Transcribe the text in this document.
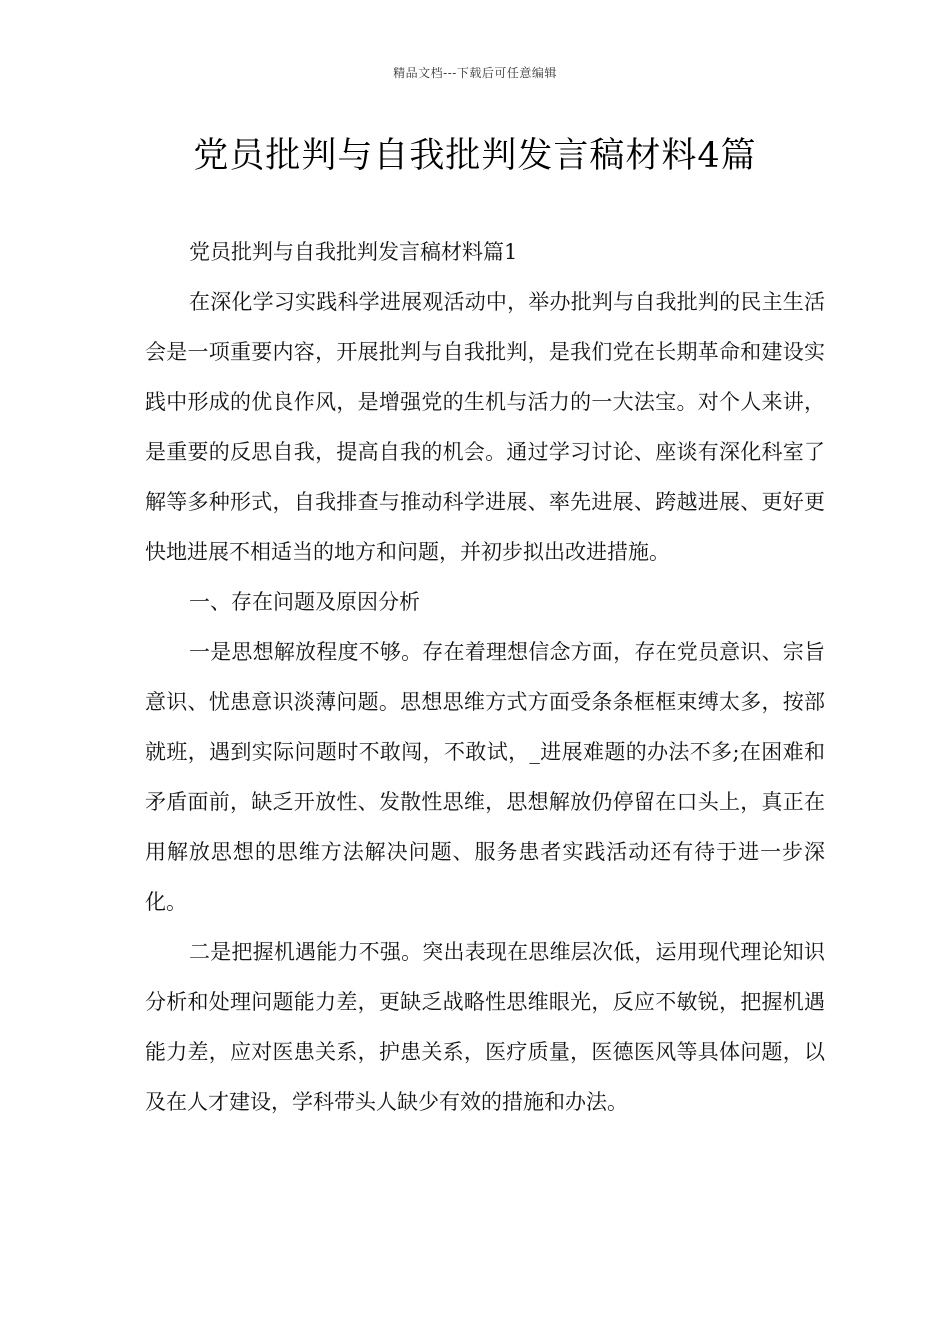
精品文档---下载后可任意编辑
党员批判与自我批判发言稿材料4篇

党员批判与自我批判发言稿材料篇1

在深化学习实践科学进展观活动中，举办批判与自我批判的民主生活会是一项重要内容，开展批判与自我批判，是我们党在长期革命和建设实践中形成的优良作风，是增强党的生机与活力的一大法宝。对个人来讲，是重要的反思自我，提高自我的机会。通过学习讨论、座谈有深化科室了解等多种形式，自我排查与推动科学进展、率先进展、跨越进展、更好更快地进展不相适当的地方和问题，并初步拟出改进措施。

一、存在问题及原因分析

一是思想解放程度不够。存在着理想信念方面，存在党员意识、宗旨意识、忧患意识淡薄问题。思想思维方式方面受条条框框束缚太多，按部就班，遇到实际问题时不敢闯，不敢试，_进展难题的办法不多;在困难和矛盾面前，缺乏开放性、发散性思维，思想解放仍停留在口头上，真正在用解放思想的思维方法解决问题、服务患者实践活动还有待于进一步深化。

二是把握机遇能力不强。突出表现在思维层次低，运用现代理论知识分析和处理问题能力差，更缺乏战略性思维眼光，反应不敏锐，把握机遇能力差，应对医患关系，护患关系，医疗质量，医德医风等具体问题，以及在人才建设，学科带头人缺少有效的措施和办法。
